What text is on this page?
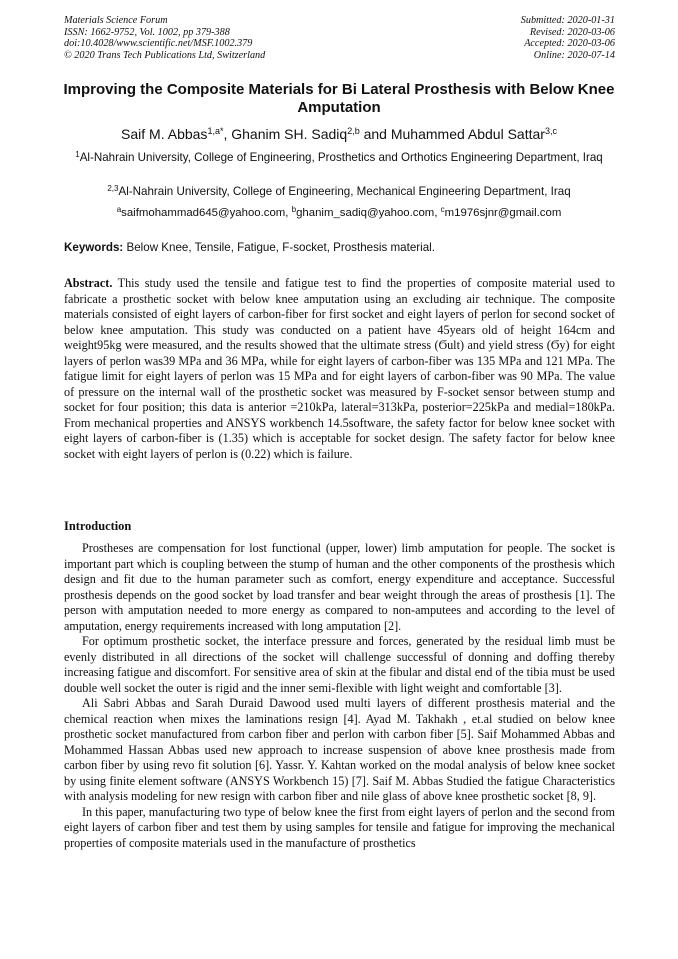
Materials Science Forum
ISSN: 1662-9752, Vol. 1002, pp 379-388
doi:10.4028/www.scientific.net/MSF.1002.379
© 2020 Trans Tech Publications Ltd, Switzerland
Submitted: 2020-01-31
Revised: 2020-03-06
Accepted: 2020-03-06
Online: 2020-07-14
Improving the Composite Materials for Bi Lateral Prosthesis with Below Knee Amputation
Saif M. Abbas$^{1,a*}$, Ghanim SH. Sadiq$^{2,b}$ and Muhammed Abdul Sattar$^{3,c}$
$^1$Al-Nahrain University, College of Engineering, Prosthetics and Orthotics Engineering Department, Iraq
$^{2,3}$Al-Nahrain University, College of Engineering, Mechanical Engineering Department, Iraq
$^a$saifmohammad645@yahoo.com, $^b$ghanim_sadiq@yahoo.com, $^c$m1976sjnr@gmail.com
Keywords: Below Knee, Tensile, Fatigue, F-socket, Prosthesis material.
Abstract. This study used the tensile and fatigue test to find the properties of composite material used to fabricate a prosthetic socket with below knee amputation using an excluding air technique. The composite materials consisted of eight layers of carbon-fiber for first socket and eight layers of perlon for second socket of below knee amputation. This study was conducted on a patient have 45years old of height 164cm and weight95kg were measured, and the results showed that the ultimate stress (Ϭult) and yield stress (Ϭy) for eight layers of perlon was39 MPa and 36 MPa, while for eight layers of carbon-fiber was 135 MPa and 121 MPa. The fatigue limit for eight layers of perlon was 15 MPa and for eight layers of carbon-fiber was 90 MPa. The value of pressure on the internal wall of the prosthetic socket was measured by F-socket sensor between stump and socket for four position; this data is anterior =210kPa, lateral=313kPa, posterior=225kPa and medial=180kPa. From mechanical properties and ANSYS workbench 14.5software, the safety factor for below knee socket with eight layers of carbon-fiber is (1.35) which is acceptable for socket design. The safety factor for below knee socket with eight layers of perlon is (0.22) which is failure.
Introduction

Prostheses are compensation for lost functional (upper, lower) limb amputation for people. The socket is important part which is coupling between the stump of human and the other components of the prosthesis which design and fit due to the human parameter such as comfort, energy expenditure and acceptance. Successful prosthesis depends on the good socket by load transfer and bear weight through the areas of prosthesis [1]. The person with amputation needed to more energy as compared to non-amputees and according to the level of amputation, energy requirements increased with long amputation [2].

For optimum prosthetic socket, the interface pressure and forces, generated by the residual limb must be evenly distributed in all directions of the socket will challenge successful of donning and doffing thereby increasing fatigue and discomfort. For sensitive area of skin at the fibular and distal end of the tibia must be used double well socket the outer is rigid and the inner semi-flexible with light weight and comfortable [3].

Ali Sabri Abbas and Sarah Duraid Dawood used multi layers of different prosthesis material and the chemical reaction when mixes the laminations resign [4]. Ayad M. Takhakh , et.al studied on below knee prosthetic socket manufactured from carbon fiber and perlon with carbon fiber [5]. Saif Mohammed Abbas and Mohammed Hassan Abbas used new approach to increase suspension of above knee prosthesis made from carbon fiber by using revo fit solution [6]. Yassr. Y. Kahtan worked on the modal analysis of below knee socket by using finite element software (ANSYS Workbench 15) [7]. Saif M. Abbas Studied the fatigue Characteristics with analysis modeling for new resign with carbon fiber and nile glass of above knee prosthetic socket [8, 9].

In this paper, manufacturing two type of below knee the first from eight layers of perlon and the second from eight layers of carbon fiber and test them by using samples for tensile and fatigue for improving the mechanical properties of composite materials used in the manufacture of prosthetics
